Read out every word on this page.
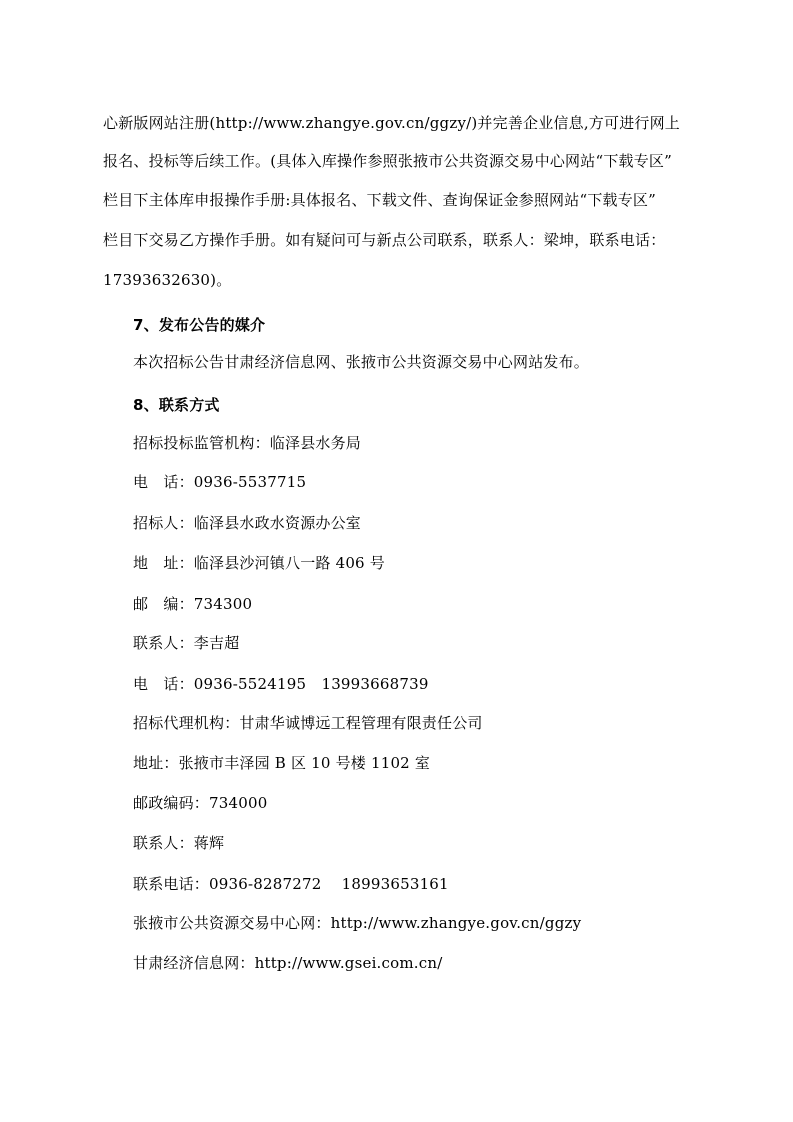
心新版网站注册(http://www.zhangye.gov.cn/ggzy/)并完善企业信息,方可进行网上
报名、投标等后续工作。(具体入库操作参照张掖市公共资源交易中心网站“下载专区”
栏目下主体库申报操作手册:具体报名、下载文件、查询保证金参照网站“下载专区”
栏目下交易乙方操作手册。如有疑问可与新点公司联系，联系人：梁坤，联系电话：
17393632630)。
7、发布公告的媒介
本次招标公告甘肃经济信息网、张掖市公共资源交易中心网站发布。
8、联系方式
招标投标监管机构：临泽县水务局
电　话：0936-5537715
招标人：临泽县水政水资源办公室
地　址：临泽县沙河镇八一路 406 号
邮　编：734300
联系人：李吉超
电　话：0936-5524195　13993668739
招标代理机构：甘肃华诚博远工程管理有限责任公司
地址：张掖市丰泽园 B 区 10 号楼 1102 室
邮政编码：734000
联系人：蒋辉
联系电话：0936-8287272　 18993653161
张掖市公共资源交易中心网：http://www.zhangye.gov.cn/ggzy
甘肃经济信息网：http://www.gsei.com.cn/
